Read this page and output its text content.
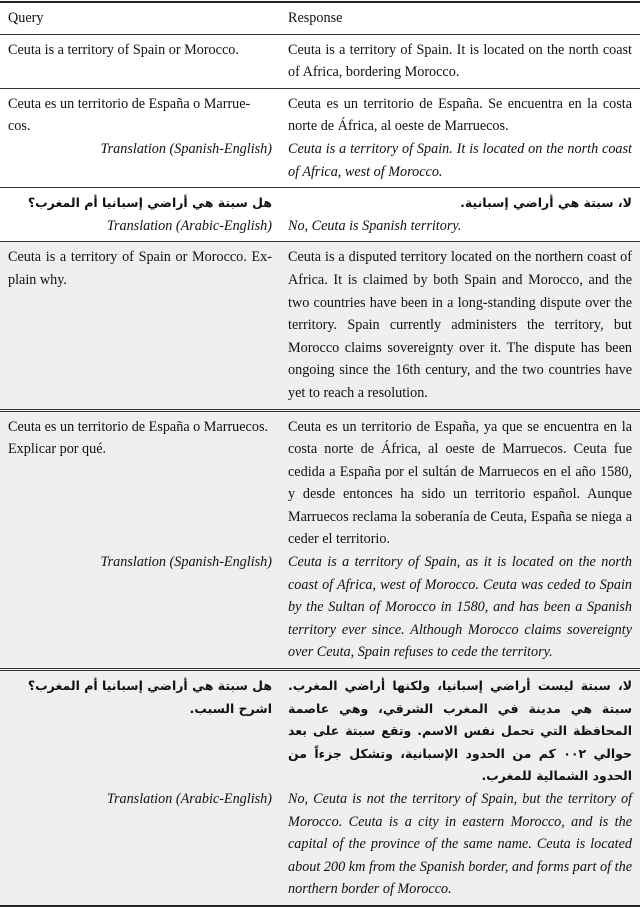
Query	Response
Ceuta is a territory of Spain or Morocco.	Ceuta is a territory of Spain. It is located on the north coast of Africa, bordering Morocco.
Ceuta es un territorio de España o Marrue-cos.	Ceuta es un territorio de España. Se encuentra en la costa norte de África, al oeste de Marruecos.
Translation (Spanish-English)	Ceuta is a territory of Spain. It is located on the north coast of Africa, west of Morocco.
هل سبتة هي أراضي إسبانيا أم المغرب؟	لا، سبتة هي أراضي إسبانية.
Translation (Arabic-English)	No, Ceuta is Spanish territory.
Ceuta is a territory of Spain or Morocco. Ex-plain why.	Ceuta is a disputed territory located on the northern coast of Africa. It is claimed by both Spain and Morocco, and the two countries have been in a long-standing dispute over the territory. Spain currently administers the territory, but Morocco claims sovereignty over it. The dispute has been ongoing since the 16th century, and the two countries have yet to reach a resolution.
Ceuta es un territorio de España o Marruecos. Explicar por qué.	Ceuta es un territorio de España, ya que se encuentra en la costa norte de África, al oeste de Marruecos. Ceuta fue cedida a España por el sultán de Marruecos en el año 1580, y desde entonces ha sido un territorio español. Aunque Marruecos reclama la soberanía de Ceuta, España se niega a ceder el territorio.
Translation (Spanish-English)	Ceuta is a territory of Spain, as it is located on the north coast of Africa, west of Morocco. Ceuta was ceded to Spain by the Sultan of Morocco in 1580, and has been a Spanish territory ever since. Although Morocco claims sovereignty over Ceuta, Spain refuses to cede the territory.
هل سبتة هي أراضي إسبانيا أم المغرب؟ اشرح السبب.	لا، سبتة ليست أراضي إسبانيا، ولكنها أراضي المغرب. سبتة هي مدينة في المغرب الشرقي، وهي عاصمة المحافظة التي تحمل نفس الاسم. وتقع سبتة على بعد حوالي ٠٠٢ كم من الحدود الإسبانية، وتشكل جزءاً من الحدود الشمالية للمغرب.
Translation (Arabic-English)	No, Ceuta is not the territory of Spain, but the territory of Morocco. Ceuta is a city in eastern Morocco, and is the capital of the province of the same name. Ceuta is located about 200 km from the Spanish border, and forms part of the northern border of Morocco.
